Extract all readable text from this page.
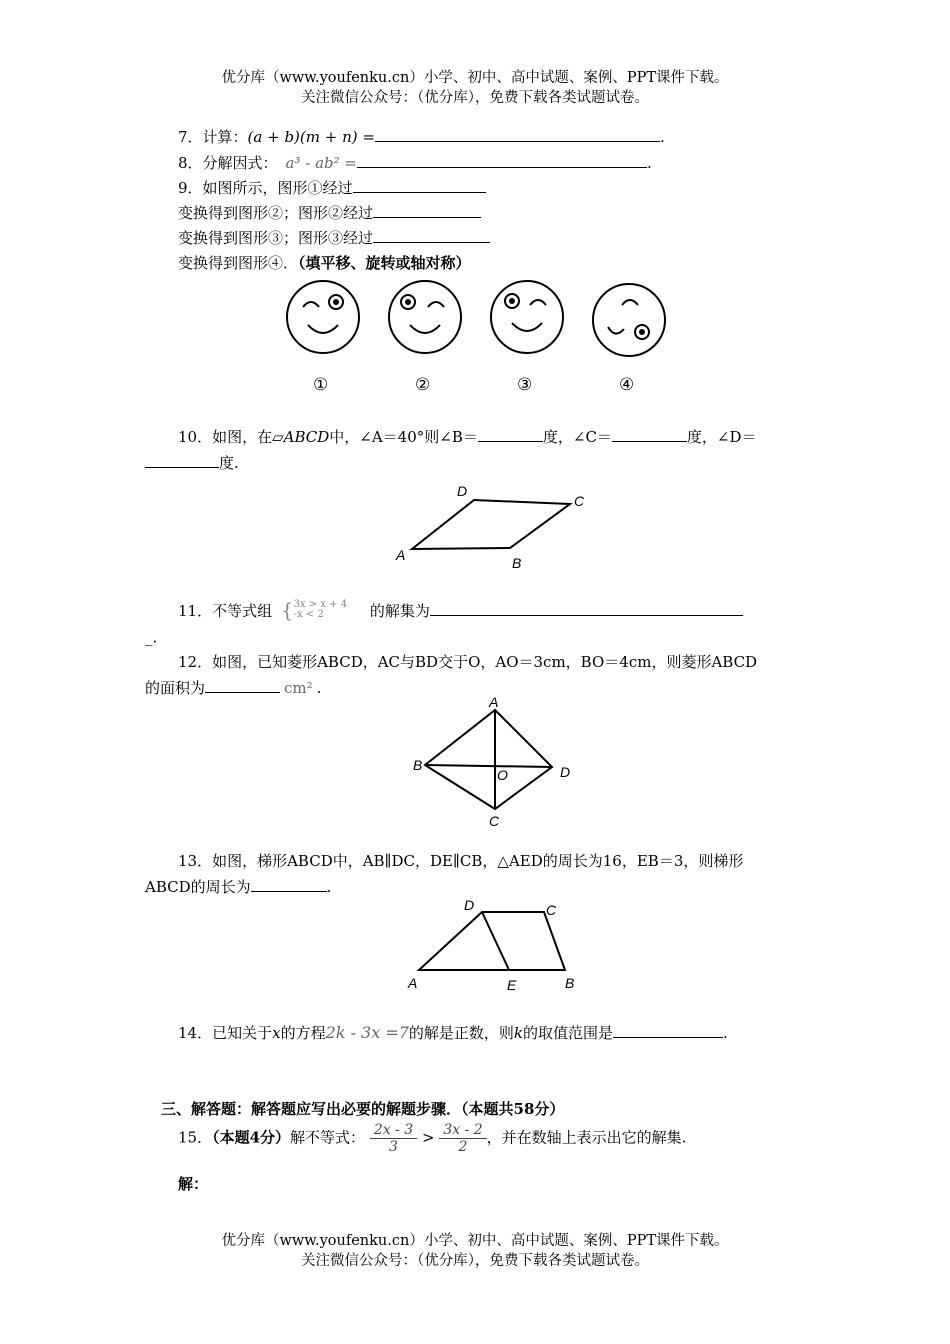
优分库（www.youfenku.cn）小学、初中、高中试题、案例、PPT课件下载。
关注微信公众号：（优分库），免费下载各类试题试卷。
7．计算：(a + b)(m + n) =	.
8．分解因式： a³ - ab² =	.
9．如图所示，图形①经过
变换得到图形②；图形②经过
变换得到图形③；图形③经过
变换得到图形④．（填平移、旋转或轴对称）
①	②	③	④
10．如图，在▱ABCD中，∠A＝40°则∠B＝	度，∠C＝	度，∠D＝
度.
A	B
C
D
11．不等式组 { 3x > x + 4
-x < 2	的解集为
_．
12．如图，已知菱形ABCD，AC与BD交于O，AO＝3cm，BO＝4cm，则菱形ABCD
的面积为	cm² .
A
B
C
D
O
13．如图，梯形ABCD中，AB∥DC，DE∥CB，△AED的周长为16，EB＝3，则梯形
ABCD的周长为	.
A	B
C
D
E
14．已知关于x的方程2k - 3x =7的解是正数，则k的取值范围是	.
三、解答题：解答题应写出必要的解题步骤．（本题共58分）
15．（本题4分）解不等式： $\frac{2x - 3}{3} > \frac{3x - 2}{2}$ ，并在数轴上表示出它的解集.
解：
优分库（www.youfenku.cn）小学、初中、高中试题、案例、PPT课件下载。
关注微信公众号：（优分库），免费下载各类试题试卷。
